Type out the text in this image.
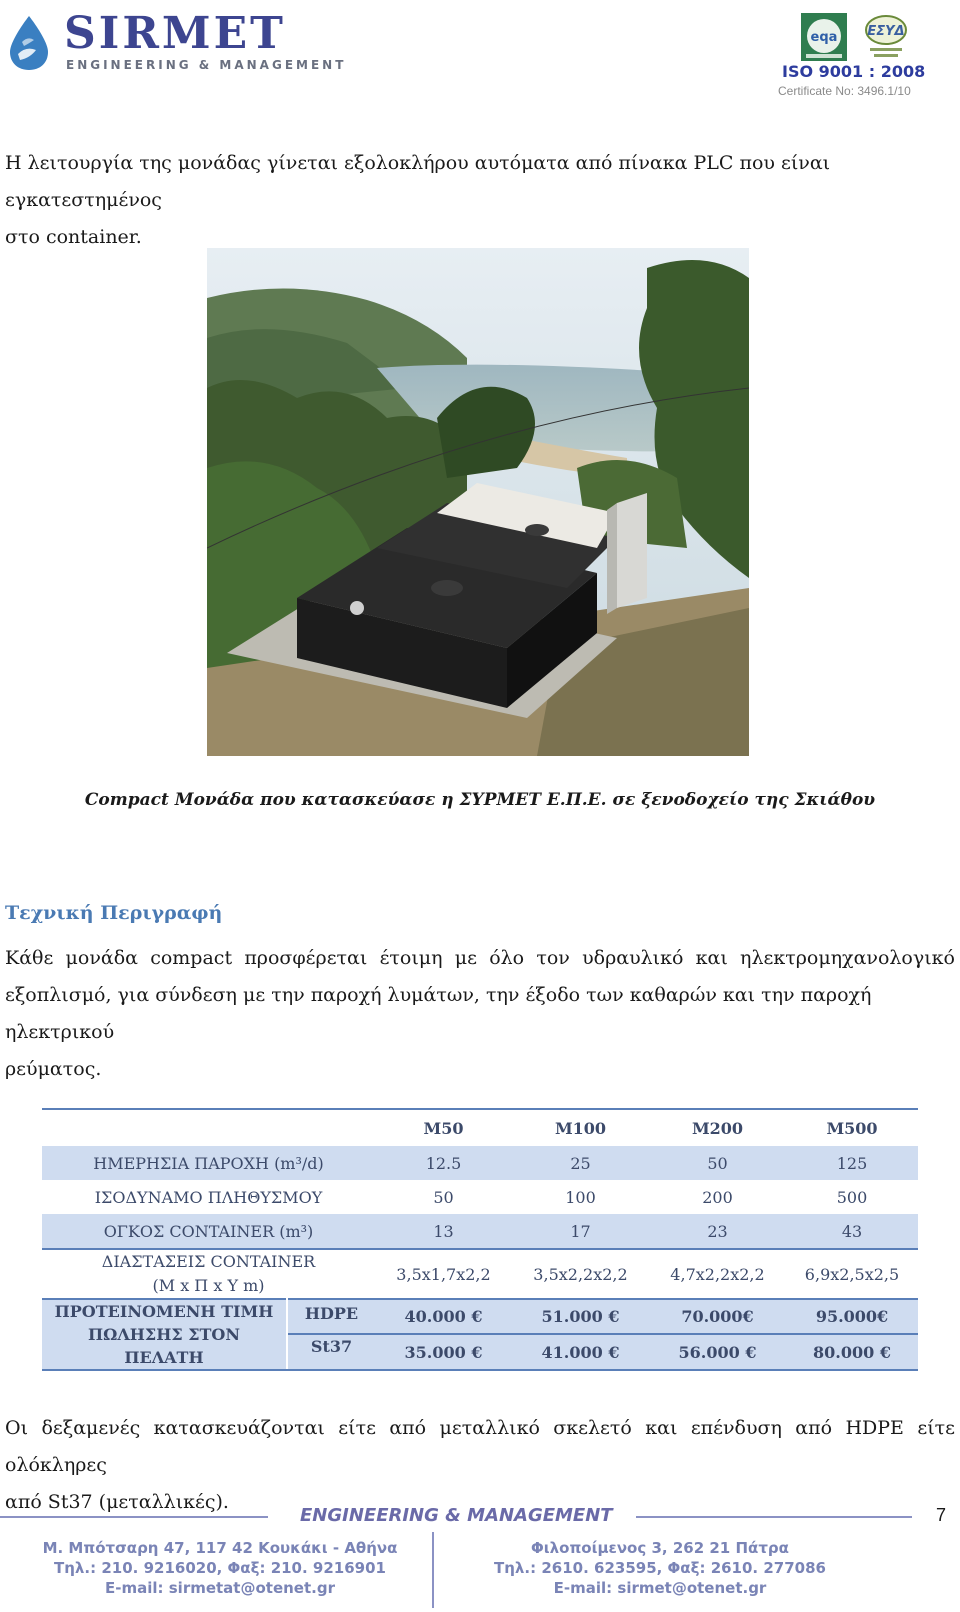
SIRMET
ENGINEERING & MANAGEMENT
eqa ΕΣΥΔ
ISO 9001 : 2008
Certificate No: 3496.1/10
Η λειτουργία της μονάδας γίνεται εξολοκλήρου αυτόματα από πίνακα PLC που είναι εγκατεστημένος
στο container.
Compact Μονάδα που κατασκεύασε η ΣΥΡΜΕΤ Ε.Π.Ε. σε ξενοδοχείο της Σκιάθου
Τεχνική Περιγραφή
Κάθε μονάδα compact προσφέρεται έτοιμη με όλο τον υδραυλικό και ηλεκτρομηχανολογικό
εξοπλισμό, για σύνδεση με την παροχή λυμάτων, την έξοδο των καθαρών και την παροχή ηλεκτρικού
ρεύματος.
		M50	M100	M200	M500
ΗΜΕΡΗΣΙΑ ΠΑΡΟΧΗ (m³/d)		12.5	25	50	125
ΙΣΟΔΥΝΑΜΟ ΠΛΗΘΥΣΜΟΥ		50	100	200	500
ΟΓΚΟΣ CONTAINER (m³)		13	17	23	43

ΔΙΑΣΤΑΣΕΙΣ CONTAINER
(Μ x Π x Υ m)		3,5x1,7x2,2	3,5x2,2x2,2	4,7x2,2x2,2	6,9x2,5x2,5

ΠΡΟΤΕΙΝΟΜΕΝΗ ΤΙΜΗ
ΠΩΛΗΣΗΣ ΣΤΟΝ
ΠΕΛΑΤΗ	HDPE	40.000 €	51.000 €	70.000€	95.000€
	St37	35.000 €	41.000 €	56.000 €	80.000 €
Οι δεξαμενές κατασκευάζονται είτε από μεταλλικό σκελετό και επένδυση από HDPE είτε ολόκληρες
από St37 (μεταλλικές).
ENGINEERING & MANAGEMENT	7
Μ. Μπότσαρη 47, 117 42 Κουκάκι - Αθήνα
Τηλ.: 210. 9216020, Φαξ: 210. 9216901
E-mail: sirmetat@otenet.gr
Φιλοποίμενος 3, 262 21 Πάτρα
Τηλ.: 2610. 623595, Φαξ: 2610. 277086
E-mail: sirmet@otenet.gr
